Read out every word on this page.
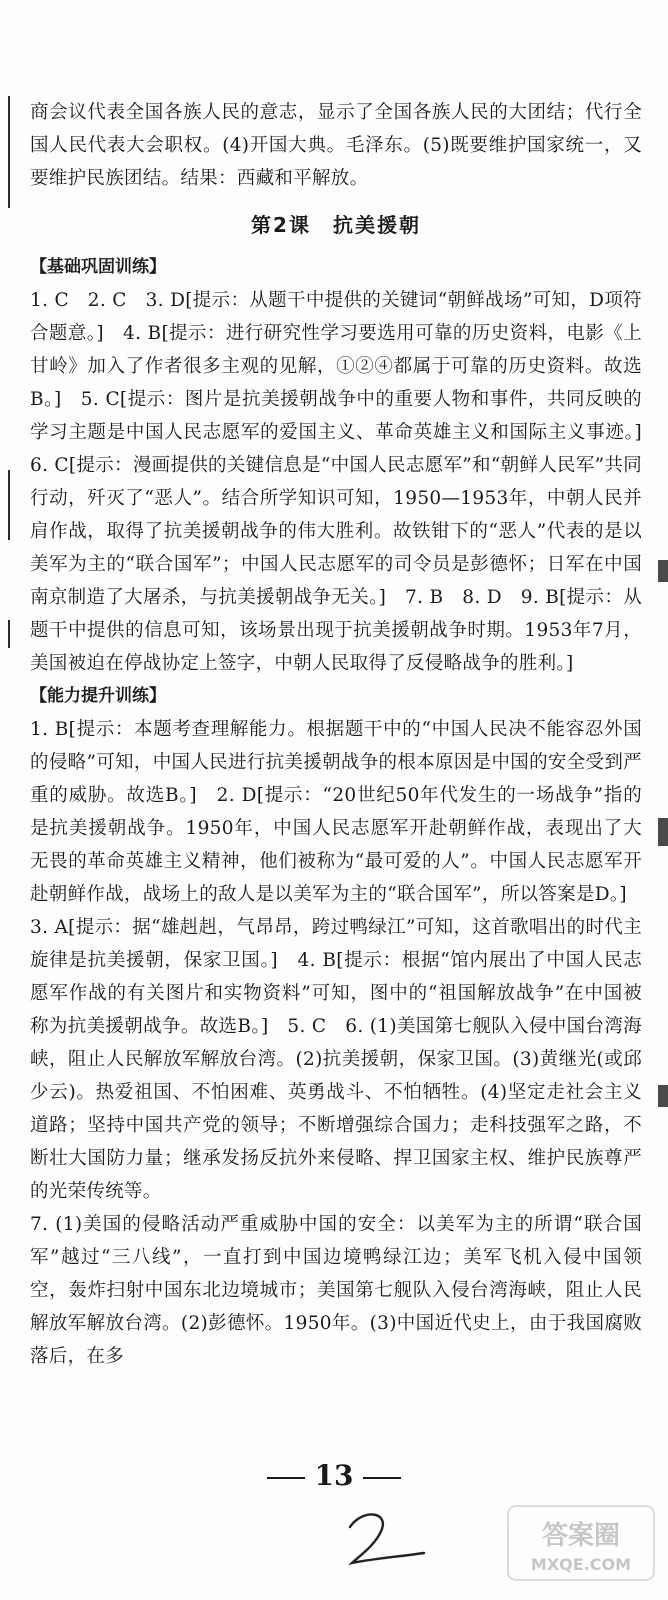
商会议代表全国各族人民的意志，显示了全国各族人民的大团结；代行全国人民代表大会职权。(4)开国大典。毛泽东。(5)既要维护国家统一，又要维护民族团结。结果：西藏和平解放。

第2课　抗美援朝
【基础巩固训练】

1. C　2. C　3. D[提示：从题干中提供的关键词“朝鲜战场”可知，D项符合题意。]　4. B[提示：进行研究性学习要选用可靠的历史资料，电影《上甘岭》加入了作者很多主观的见解，①②④都属于可靠的历史资料。故选B。]　5. C[提示：图片是抗美援朝战争中的重要人物和事件，共同反映的学习主题是中国人民志愿军的爱国主义、革命英雄主义和国际主义事迹。]　6. C[提示：漫画提供的关键信息是“中国人民志愿军”和“朝鲜人民军”共同行动，歼灭了“恶人”。结合所学知识可知，1950—1953年，中朝人民并肩作战，取得了抗美援朝战争的伟大胜利。故铁钳下的“恶人”代表的是以美军为主的“联合国军”；中国人民志愿军的司令员是彭德怀；日军在中国南京制造了大屠杀，与抗美援朝战争无关。]　7. B　8. D　9. B[提示：从题干中提供的信息可知，该场景出现于抗美援朝战争时期。1953年7月，美国被迫在停战协定上签字，中朝人民取得了反侵略战争的胜利。]

【能力提升训练】

1. B[提示：本题考查理解能力。根据题干中的“中国人民决不能容忍外国的侵略”可知，中国人民进行抗美援朝战争的根本原因是中国的安全受到严重的威胁。故选B。]　2. D[提示：“20世纪50年代发生的一场战争”指的是抗美援朝战争。1950年，中国人民志愿军开赴朝鲜作战，表现出了大无畏的革命英雄主义精神，他们被称为“最可爱的人”。中国人民志愿军开赴朝鲜作战，战场上的敌人是以美军为主的“联合国军”，所以答案是D。]

3. A[提示：据“雄赳赳，气昂昂，跨过鸭绿江”可知，这首歌唱出的时代主旋律是抗美援朝，保家卫国。]　4. B[提示：根据“馆内展出了中国人民志愿军作战的有关图片和实物资料”可知，图中的“祖国解放战争”在中国被称为抗美援朝战争。故选B。]　5. C　6. (1)美国第七舰队入侵中国台湾海峡，阻止人民解放军解放台湾。(2)抗美援朝，保家卫国。(3)黄继光(或邱少云)。热爱祖国、不怕困难、英勇战斗、不怕牺牲。(4)坚定走社会主义道路；坚持中国共产党的领导；不断增强综合国力；走科技强军之路，不断壮大国防力量；继承发扬反抗外来侵略、捍卫国家主权、维护民族尊严的光荣传统等。

7. (1)美国的侵略活动严重威胁中国的安全：以美军为主的所谓“联合国军”越过“三八线”，一直打到中国边境鸭绿江边；美军飞机入侵中国领空，轰炸扫射中国东北边境城市；美国第七舰队入侵台湾海峡，阻止人民解放军解放台湾。(2)彭德怀。1950年。(3)中国近代史上，由于我国腐败落后，在多

13
答案圈
MXQE.COM
